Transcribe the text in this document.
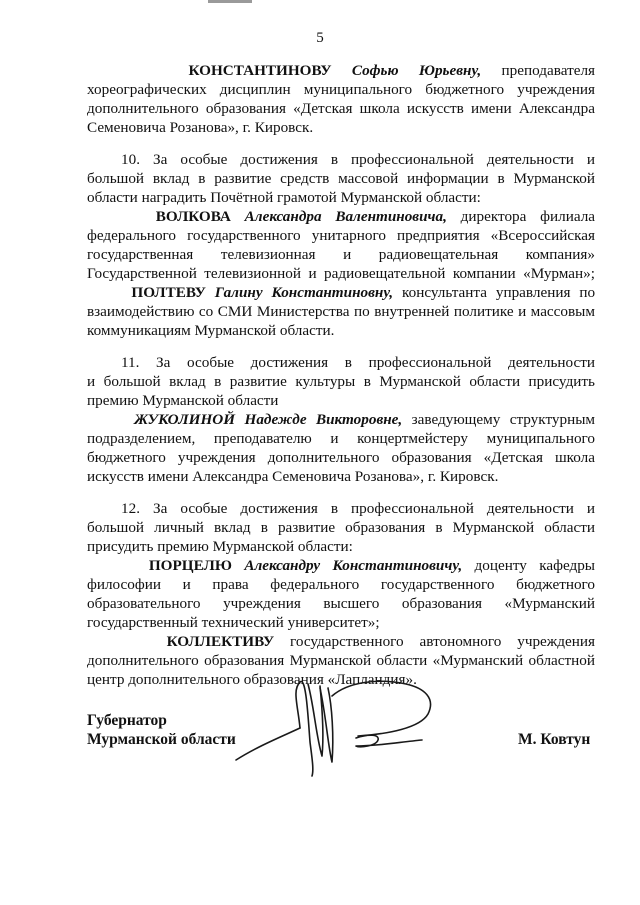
5
КОНСТАНТИНОВУ Софью Юрьевну, преподавателя
хореографических дисциплин муниципального бюджетного учреждения
дополнительного образования «Детская школа искусств имени Александра
Семеновича Розанова», г. Кировск.
10. За особые достижения в профессиональной деятельности и
большой вклад в развитие средств массовой информации в Мурманской
области наградить Почётной грамотой Мурманской области:
ВОЛКОВА Александра Валентиновича, директора филиала
федерального государственного унитарного предприятия «Всероссийская
государственная телевизионная и радиовещательная компания»
Государственной телевизионной и радиовещательной компании «Мурман»;
ПОЛТЕВУ Галину Константиновну, консультанта управления по
взаимодействию со СМИ Министерства по внутренней политике и массовым
коммуникациям Мурманской области.
11. За особые достижения в профессиональной деятельности
и большой вклад в развитие культуры в Мурманской области присудить
премию Мурманской области
ЖУКОЛИНОЙ Надежде Викторовне, заведующему структурным
подразделением, преподавателю и концертмейстеру муниципального
бюджетного учреждения дополнительного образования «Детская школа
искусств имени Александра Семеновича Розанова», г. Кировск.
12. За особые достижения в профессиональной деятельности и
большой личный вклад в развитие образования в Мурманской области
присудить премию Мурманской области:
ПОРЦЕЛЮ Александру Константиновичу, доценту кафедры
философии и права федерального государственного бюджетного
образовательного учреждения высшего образования «Мурманский
государственный технический университет»;
КОЛЛЕКТИВУ государственного автономного учреждения
дополнительного образования Мурманской области «Мурманский областной
центр дополнительного образования «Лапландия».
Губернатор
Мурманской области	М. Ковтун
